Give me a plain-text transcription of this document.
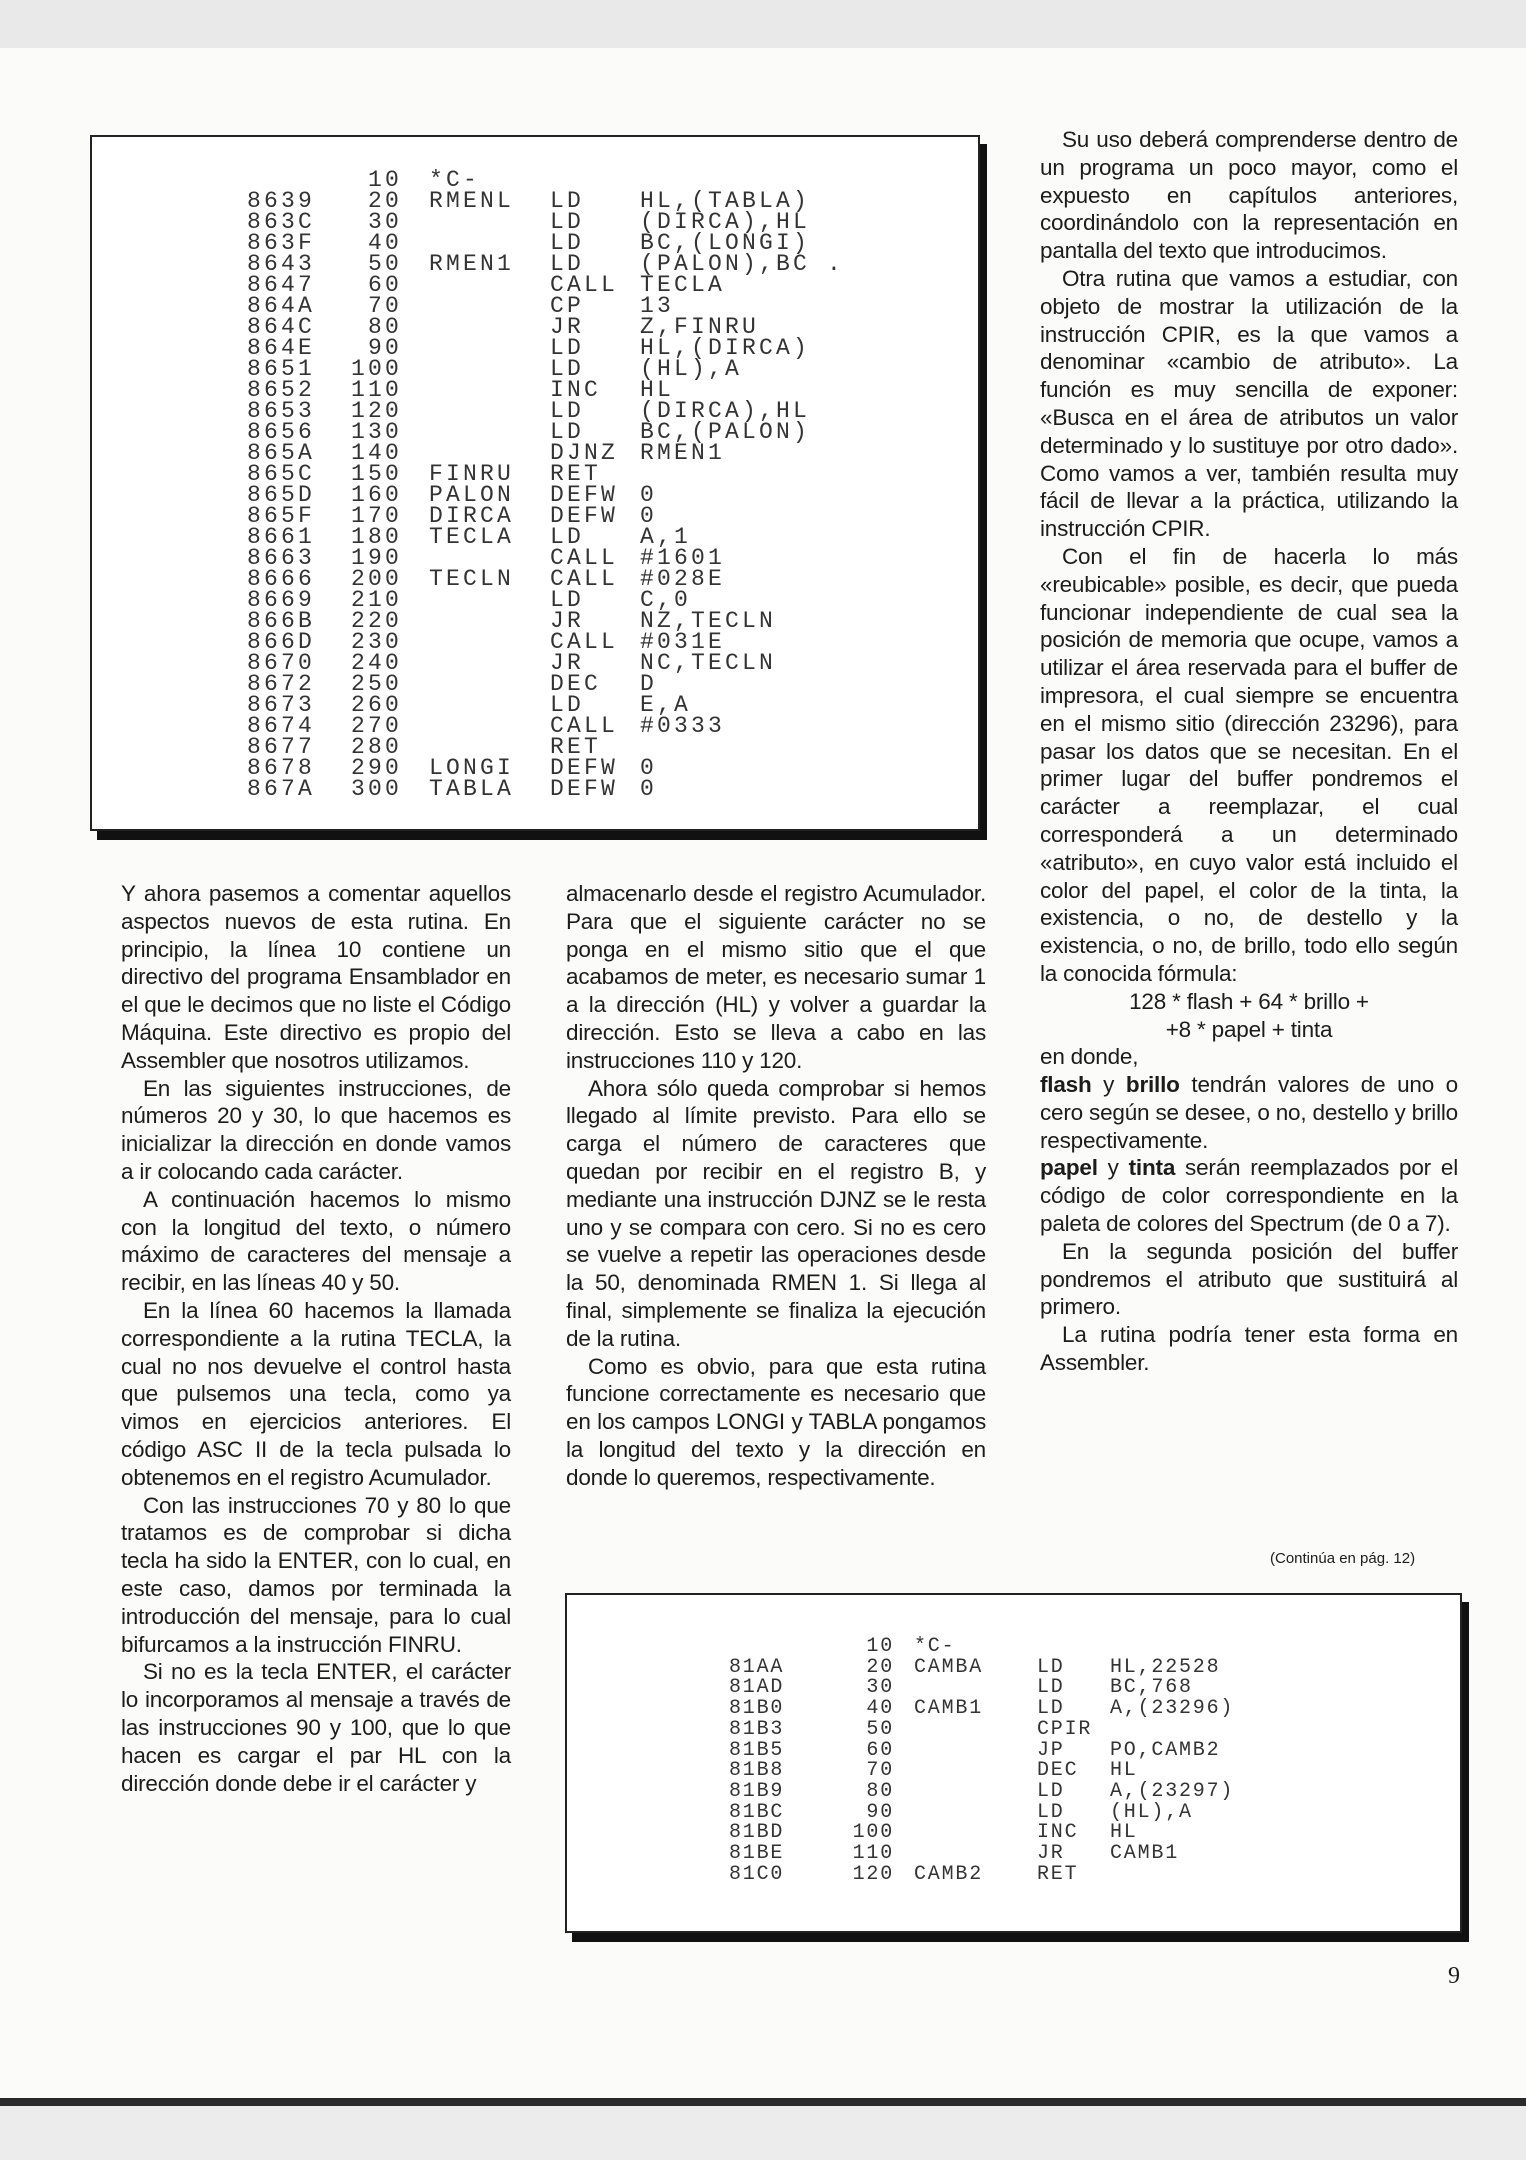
10 *C-
8639 20 RMENL LD HL,(TABLA)
863C 30	LD (DIRCA),HL
863F 40	LD BC,(LONGI)
8643 50 RMEN1 LD (PALON),BC .
8647 60	CALL TECLA
864A 70	CP 13
864C 80	JR Z,FINRU
864E 90	LD HL,(DIRCA)
8651 100	LD (HL),A
8652 110	INC HL
8653 120	LD (DIRCA),HL
8656 130	LD BC,(PALON)
865A 140	DJNZ RMEN1
865C 150 FINRU RET
865D 160 PALON DEFW 0
865F 170 DIRCA DEFW 0
8661 180 TECLA LD A,1
8663 190	CALL #1601
8666 200 TECLN CALL #028E
8669 210	LD C,0
866B 220	JR NZ,TECLN
866D 230	CALL #031E
8670 240	JR NC,TECLN
8672 250	DEC D
8673 260	LD E,A
8674 270	CALL #0333
8677 280	RET
8678 290 LONGI DEFW 0
867A 300 TABLA DEFW 0

Su uso deberá comprenderse dentro de un programa un poco mayor, como el expuesto en capítulos anteriores, coordinándolo con la representación en pantalla del texto que introducimos.

Otra rutina que vamos a estudiar, con objeto de mostrar la utilización de la instrucción CPIR, es la que vamos a denominar «cambio de atributo». La función es muy sencilla de exponer: «Busca en el área de atributos un valor determinado y lo sustituye por otro dado». Como vamos a ver, también resulta muy fácil de llevar a la práctica, utilizando la instrucción CPIR.

Con el fin de hacerla lo más «reubicable» posible, es decir, que pueda funcionar independiente de cual sea la posición de memoria que ocupe, vamos a utilizar el área reservada para el buffer de impresora, el cual siempre se encuentra en el mismo sitio (dirección 23296), para pasar los datos que se necesitan. En el primer lugar del buffer pondremos el carácter a reemplazar, el cual corresponderá a un determinado «atributo», en cuyo valor está incluido el color del papel, el color de la tinta, la existencia, o no, de destello y la existencia, o no, de brillo, todo ello según la conocida fórmula:

128 * flash + 64 * brillo +

+8 * papel + tinta

en donde,

flash y brillo tendrán valores de uno o cero según se desee, o no, destello y brillo respectivamente.

papel y tinta serán reemplazados por el código de color correspondiente en la paleta de colores del Spectrum (de 0 a 7).

En la segunda posición del buffer pondremos el atributo que sustituirá al primero.

La rutina podría tener esta forma en Assembler.

Y ahora pasemos a comentar aquellos aspectos nuevos de esta rutina. En principio, la línea 10 contiene un directivo del programa Ensamblador en el que le decimos que no liste el Código Máquina. Este directivo es propio del Assembler que nosotros utilizamos.

En las siguientes instrucciones, de números 20 y 30, lo que hacemos es inicializar la dirección en donde vamos a ir colocando cada carácter.

A continuación hacemos lo mismo con la longitud del texto, o número máximo de caracteres del mensaje a recibir, en las líneas 40 y 50.

En la línea 60 hacemos la llamada correspondiente a la rutina TECLA, la cual no nos devuelve el control hasta que pulsemos una tecla, como ya vimos en ejercicios anteriores. El código ASC II de la tecla pulsada lo obtenemos en el registro Acumulador.

Con las instrucciones 70 y 80 lo que tratamos es de comprobar si dicha tecla ha sido la ENTER, con lo cual, en este caso, damos por terminada la introducción del mensaje, para lo cual bifurcamos a la instrucción FINRU.

Si no es la tecla ENTER, el carácter lo incorporamos al mensaje a través de las instrucciones 90 y 100, que lo que hacen es cargar el par HL con la dirección donde debe ir el carácter y

almacenarlo desde el registro Acumulador. Para que el siguiente carácter no se ponga en el mismo sitio que el que acabamos de meter, es necesario sumar 1 a la dirección (HL) y volver a guardar la dirección. Esto se lleva a cabo en las instrucciones 110 y 120.

Ahora sólo queda comprobar si hemos llegado al límite previsto. Para ello se carga el número de caracteres que quedan por recibir en el registro B, y mediante una instrucción DJNZ se le resta uno y se compara con cero. Si no es cero se vuelve a repetir las operaciones desde la 50, denominada RMEN 1. Si llega al final, simplemente se finaliza la ejecución de la rutina.

Como es obvio, para que esta rutina funcione correctamente es necesario que en los campos LONGI y TABLA pongamos la longitud del texto y la dirección en donde lo queremos, respectivamente.

(Continúa en pág. 12)
10 *C-
81AA	20 CAMBA	LD HL,22528
81AD	30	LD BC,768
81B0	40 CAMB1	LD A,(23296)
81B3	50	CPIR
81B5	60	JP PO,CAMB2
81B8	70	DEC HL
81B9	80	LD A,(23297)
81BC	90	LD (HL),A
81BD	100	INC HL
81BE	110	JR CAMB1
81C0	120 CAMB2	RET
9
